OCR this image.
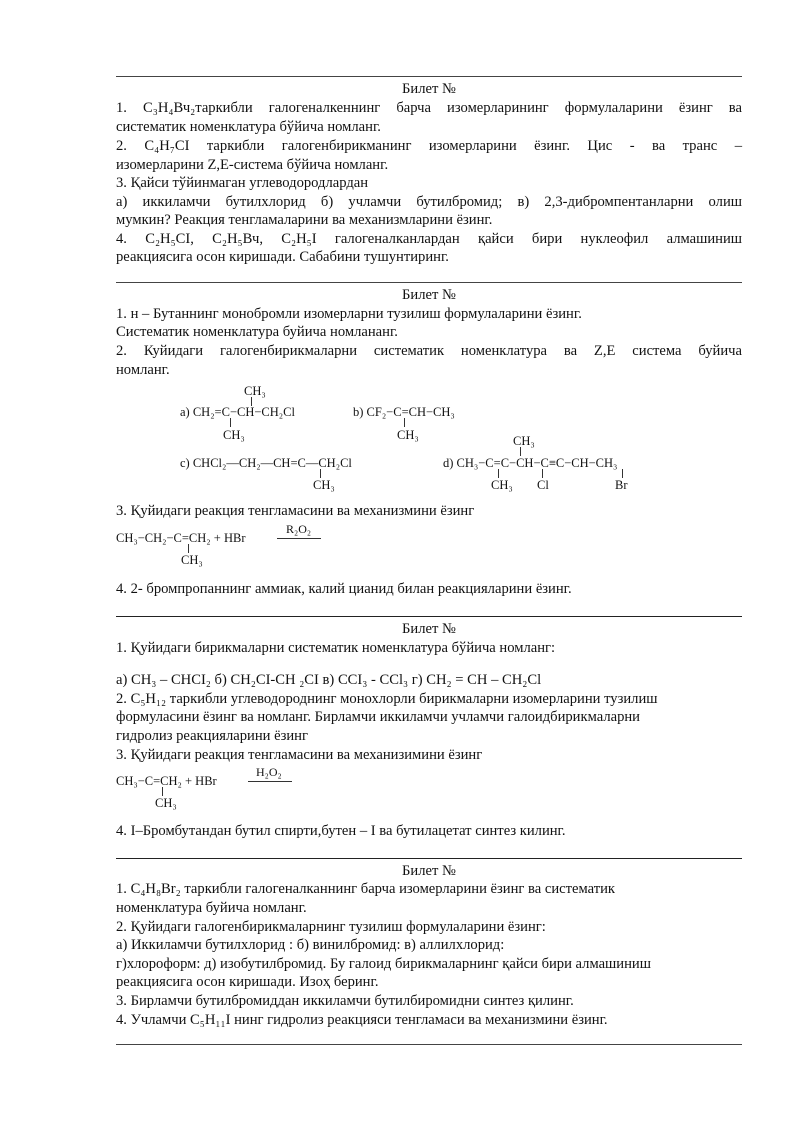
Билет №
1. C₃H₄Вч₂таркибли галогеналкеннинг барча изомерларининг формулаларини ёзинг ва
систематик номенклатура бўйича номланг.
2. C₄H₇CI таркибли галогенбирикманинг изомерларини ёзинг. Цис - ва транс –
изомерларини Z,E-система бўйича номланг.
3. Қайси тўйинмаган углеводородлардан
а) иккиламчи бутилхлорид б) учламчи бутилбромид; в) 2,3-дибромпентанларни олиш
мумкин? Реакция тенгламаларини ва механизмларини ёзинг.
4. C₂H₅CI, C₂H₅Вч, C₂H₅I галогеналканлардан қайси бири нуклеофил алмашиниш
реакциясига осон киришади. Сабабини тушунтиринг.
Билет №
1. н – Бутаннинг монобромли изомерларни тузилиш формулаларини ёзинг.
Систематик номенклатура буйича номлананг.
2. Куйидаги галогенбирикмаларни систематик номенклатура ва Z,E система буйича
номланг.
CH₃
a) CH₂=C−CH−CH₂Cl
CH₃
b) CF₂−C=CH−CH₃
CH₃
c) CHCl₂—CH₂—CH=C—CH₂Cl
CH₃
CH₃
d) CH₃−C=C−CH−C≡C−CH−CH₃
CH₃ Cl	Br
3. Қуйидаги реакция тенгламасини ва механизмини ёзинг
CH₃−CH₂−C=CH₂ + HBr
R₂O₂
CH₃
4. 2- бромпропаннинг аммиак, калий цианид билан реакцияларини ёзинг.
Билет №
1. Қуйидаги бирикмаларни систематик номенклатура бўйича номланг:
а) CH₃ – CHCI₂ б) CH₂CI-CH ₂CI в) CCI₃ - CCl₃ г) CH₂ = CH – CH₂Cl
2. C₅H₁₂ таркибли углеводороднинг монохлорли бирикмаларни изомерларини тузилиш
формуласини ёзинг ва номланг. Бирламчи иккиламчи учламчи галоидбирикмаларни
гидролиз реакцияларини ёзинг
3. Қуйидаги реакция тенгламасини ва механизимини ёзинг
CH₃−C=CH₂ + HBr
H₂O₂
CH₃
4. I–Бромбутандан бутил спирти,бутен – I ва бутилацетат синтез килинг.
Билет №
1. C₄H₈Br₂ таркибли галогеналканнинг барча изомерларини ёзинг ва систематик
номенклатура буйича номланг.
2. Қуйидаги галогенбирикмаларнинг тузилиш формулаларини ёзинг:
а) Иккиламчи бутилхлорид : б) винилбромид: в) аллилхлорид:
г)хлороформ: д) изобутилбромид. Бу галоид бирикмаларнинг қайси бири алмашиниш
реакциясига осон киришади. Изоҳ беринг.
3. Бирламчи бутилбромиддан иккиламчи бутилбиромидни синтез қилинг.
4. Учламчи C₅H₁₁I нинг гидролиз реакцияси тенгламаси ва механизмини ёзинг.
